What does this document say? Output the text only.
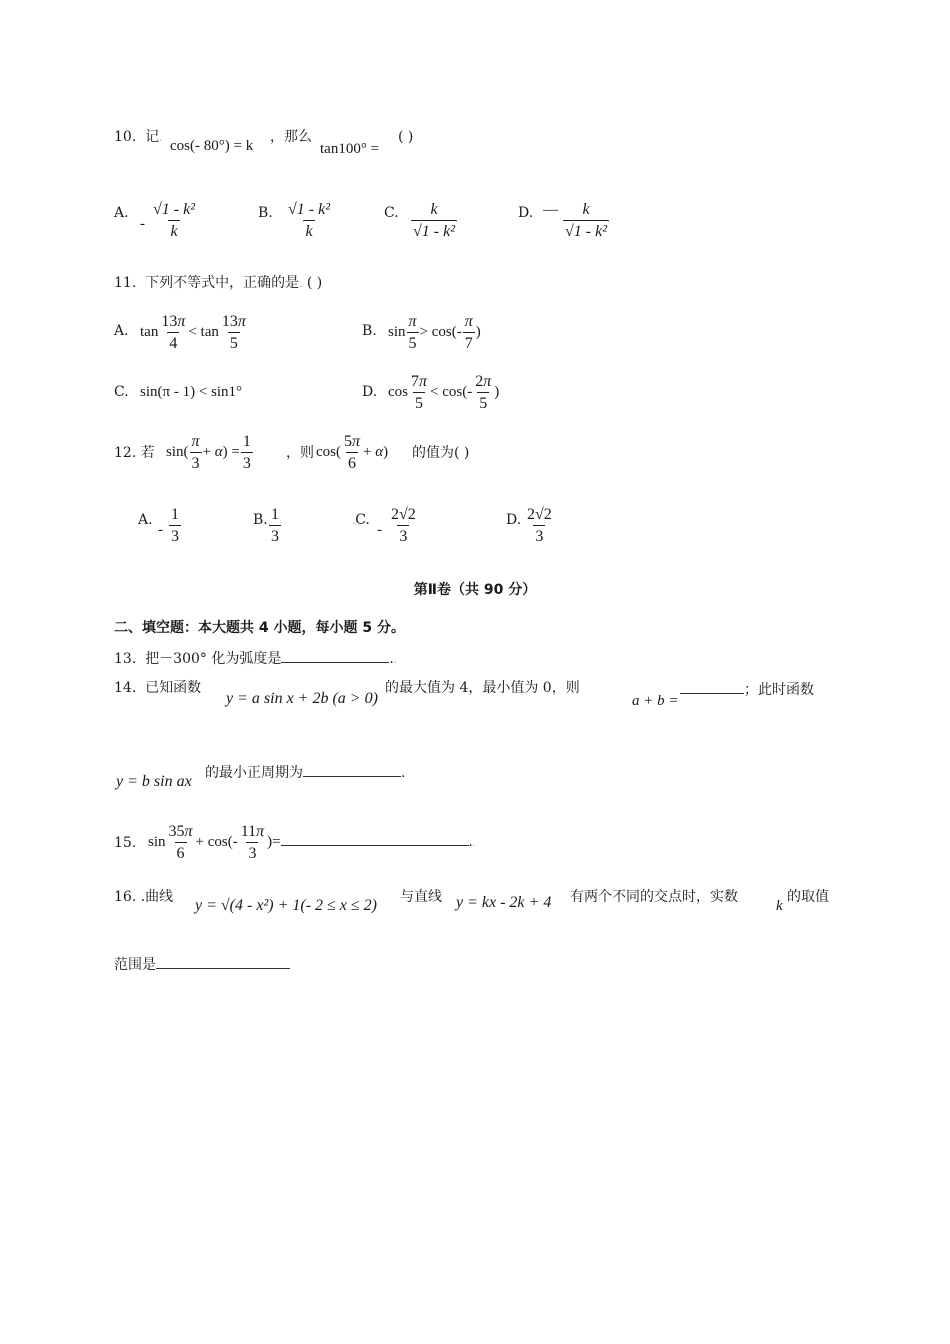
10. 记. cos(- 80°) = k
，那么
tan100° =
( )
A.
- $\frac{\text{√1 - k²}}{k}$	B. $\frac{\text{√1 - k²}}{k}$	C. $\frac{k}{\text{√1 - k²}}$	D. — $\frac{k}{\text{√1 - k²}}$
11. 下列不等式中，正确的是. ( )
A. $\tan \frac{13\pi}{4} < \tan \frac{13\pi}{5}$	B. $\sin \frac{\pi}{5} > \cos(- \frac{\pi}{7}$ )
C. sin(π - 1) < sin1°	D. $\cos \frac{7\pi}{5} < \cos(- \frac{2\pi}{5}$ )
12. 若 $\sin( \frac{\pi}{3} + \alpha) = \frac{1}{3}$ ，则 $\cos( \frac{5\pi}{6} + \alpha)$ 的值为( )
A.
- $\frac{1}{3}$	B. $\frac{1}{3}$	.C.
- $\frac{2√2}{3}$	D. $\frac{2√2}{3}$
第Ⅱ卷（共 90 分）
二、填空题：本大题共 4 小题，每小题 5 分。
13. 把－300° 化为弧度是	..
14. 已知函数
y = a sin x + 2b (a > 0)
的最大值为 4，最小值为 0，则
a + b =
；此时函数
y = b sin ax 的最小正周期为	.
15. $\sin \frac{35\pi}{6} + \cos(- \frac{11\pi}{3}$ )=	..
16. .曲线 y = √(4 - x²) + 1(- 2 ≤ x ≤ 2) 与直线 y = kx - 2k + 4 有两个不同的交点时，实数
k
的取值
范围是
